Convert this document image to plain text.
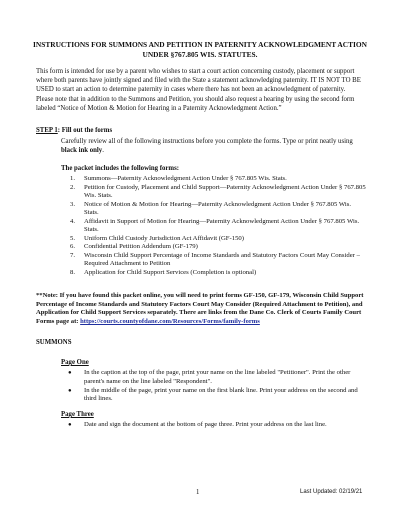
INSTRUCTIONS FOR SUMMONS AND PETITION IN PATERNITY ACKNOWLEDGMENT ACTION UNDER §767.805 WIS. STATUTES.
This form is intended for use by a parent who wishes to start a court action concerning custody, placement or support where both parents have jointly signed and filed with the State a statement acknowledging paternity. IT IS NOT TO BE USED to start an action to determine paternity in cases where there has not been an acknowledgment of paternity. Please note that in addition to the Summons and Petition, you should also request a hearing by using the second form labeled “Notice of Motion & Motion for Hearing in a Paternity Acknowledgment Action.”
STEP 1: Fill out the forms
Carefully review all of the following instructions before you complete the forms. Type or print neatly using black ink only.
The packet includes the following forms:
1.	Summons—Paternity Acknowledgment Action Under § 767.805 Wis. Stats.
2.	Petition for Custody, Placement and Child Support—Paternity Acknowledgment Action Under § 767.805 Wis. Stats.
3.	Notice of Motion & Motion for Hearing—Paternity Acknowledgment Action Under § 767.805 Wis. Stats.
4.	Affidavit in Support of Motion for Hearing—Paternity Acknowledgment Action Under § 767.805 Wis. Stats.
5.	Uniform Child Custody Jurisdiction Act Affidavit (GF-150)
6.	Confidential Petition Addendum (GF-179)
7.	Wisconsin Child Support Percentage of Income Standards and Statutory Factors Court May Consider – Required Attachment to Petition
8.	Application for Child Support Services (Completion is optional)
**Note: If you have found this packet online, you will need to print forms GF-150, GF-179, Wisconsin Child Support Percentage of Income Standards and Statutory Factors Court May Consider (Required Attachment to Petition), and Application for Child Support Services separately. There are links from the Dane Co. Clerk of Courts Family Court Forms page at: https://courts.countyofdane.com/Resources/Forms/family-forms
SUMMONS
Page One
●	In the caption at the top of the page, print your name on the line labeled "Petitioner". Print the other parent's name on the line labeled "Respondent".
●	In the middle of the page, print your name on the first blank line. Print your address on the second and third lines.
Page Three
●	Date and sign the document at the bottom of page three. Print your address on the last line.
1	Last Updated: 02/19/21
